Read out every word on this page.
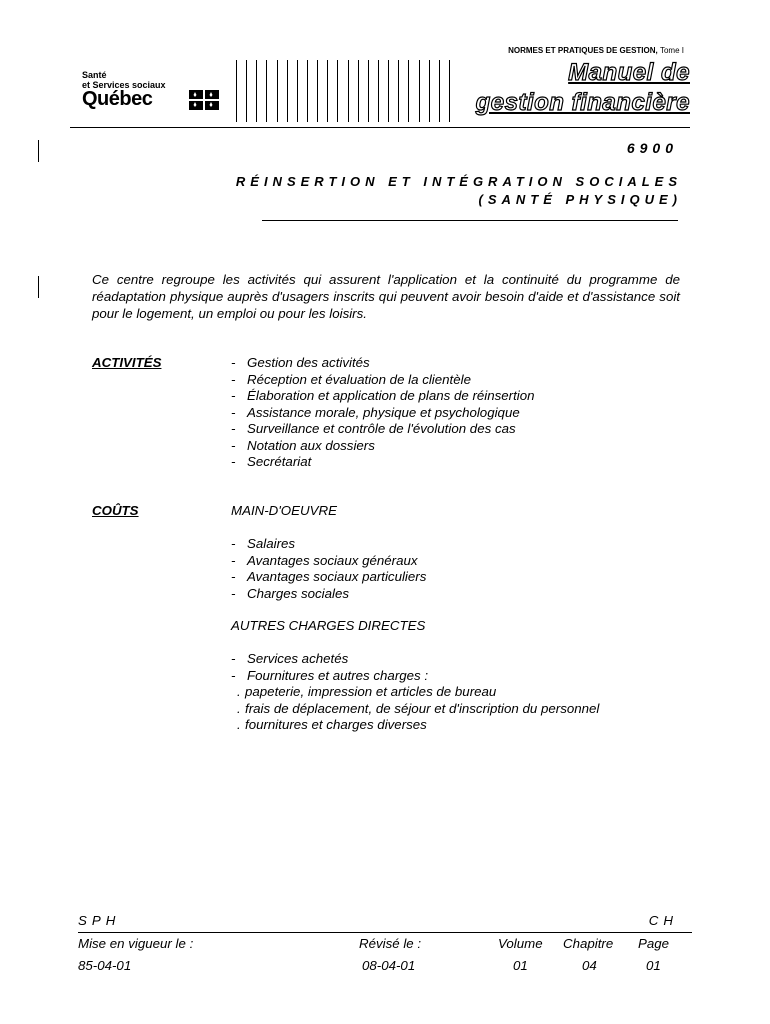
NORMES ET PRATIQUES DE GESTION, Tome I
Santé
et Services sociaux
Québec
Manuel de
gestion financière
6900
RÉINSERTION ET INTÉGRATION SOCIALES
(SANTÉ PHYSIQUE)
Ce centre regroupe les activités qui assurent l'application et la continuité du programme de réadaptation physique auprès d'usagers inscrits qui peuvent avoir besoin d'aide et d'assistance soit pour le logement, un emploi ou pour les loisirs.
ACTIVITÉS
-	Gestion des activités
- Réception et évaluation de la clientèle
- Élaboration et application de plans de réinsertion
- Assistance morale, physique et psychologique
- Surveillance et contrôle de l'évolution des cas
- Notation aux dossiers
- Secrétariat
COÛTS	MAIN-D'OEUVRE
- Salaires
- Avantages sociaux généraux
- Avantages sociaux particuliers
- Charges sociales
AUTRES CHARGES DIRECTES
- Services achetés
- Fournitures et autres charges :
. papeterie, impression et articles de bureau
. frais de déplacement, de séjour et d'inscription du personnel
. fournitures et charges diverses
SPH	CH
Mise en vigueur le :
85-04-01
Révisé le :
08-04-01
Volume
01
Chapitre
04
Page
01
